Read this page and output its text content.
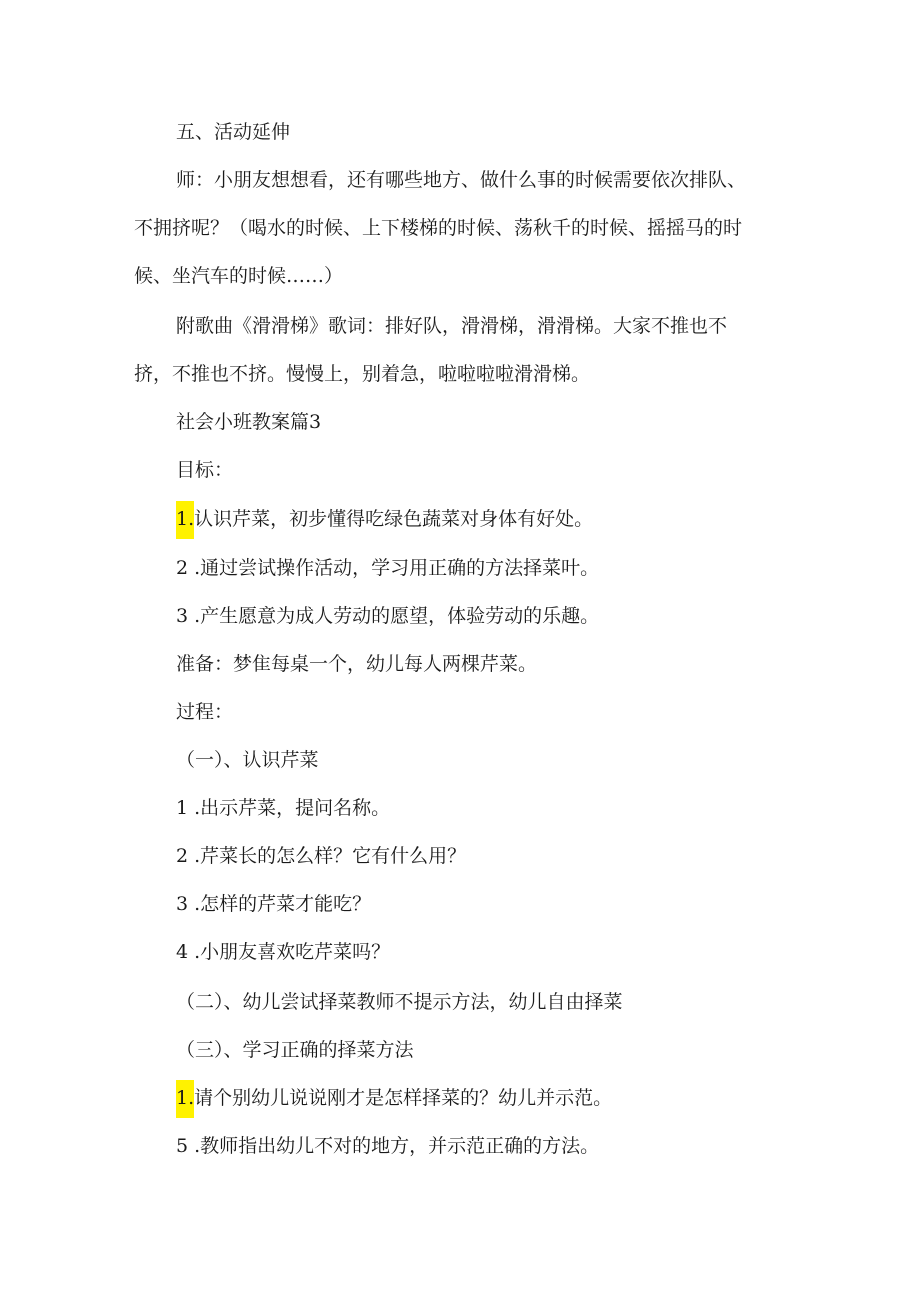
五、活动延伸
师：小朋友想想看，还有哪些地方、做什么事的时候需要依次排队、
不拥挤呢？（喝水的时候、上下楼梯的时候、荡秋千的时候、摇摇马的时
候、坐汽车的时候……）
附歌曲《滑滑梯》歌词：排好队，滑滑梯，滑滑梯。大家不推也不
挤，不推也不挤。慢慢上，别着急，啦啦啦啦滑滑梯。
社会小班教案篇3
目标：
1.认识芹菜，初步懂得吃绿色蔬菜对身体有好处。
2 .通过尝试操作活动，学习用正确的方法择菜叶。
3 .产生愿意为成人劳动的愿望，体验劳动的乐趣。
准备：梦隹每桌一个，幼儿每人两棵芹菜。
过程：
（一）、认识芹菜
1 .出示芹菜，提问名称。
2 .芹菜长的怎么样？它有什么用？
3 .怎样的芹菜才能吃？
4 .小朋友喜欢吃芹菜吗？
（二）、幼儿尝试择菜教师不提示方法，幼儿自由择菜
（三）、学习正确的择菜方法
1.请个别幼儿说说刚才是怎样择菜的？幼儿并示范。
5 .教师指出幼儿不对的地方，并示范正确的方法。
